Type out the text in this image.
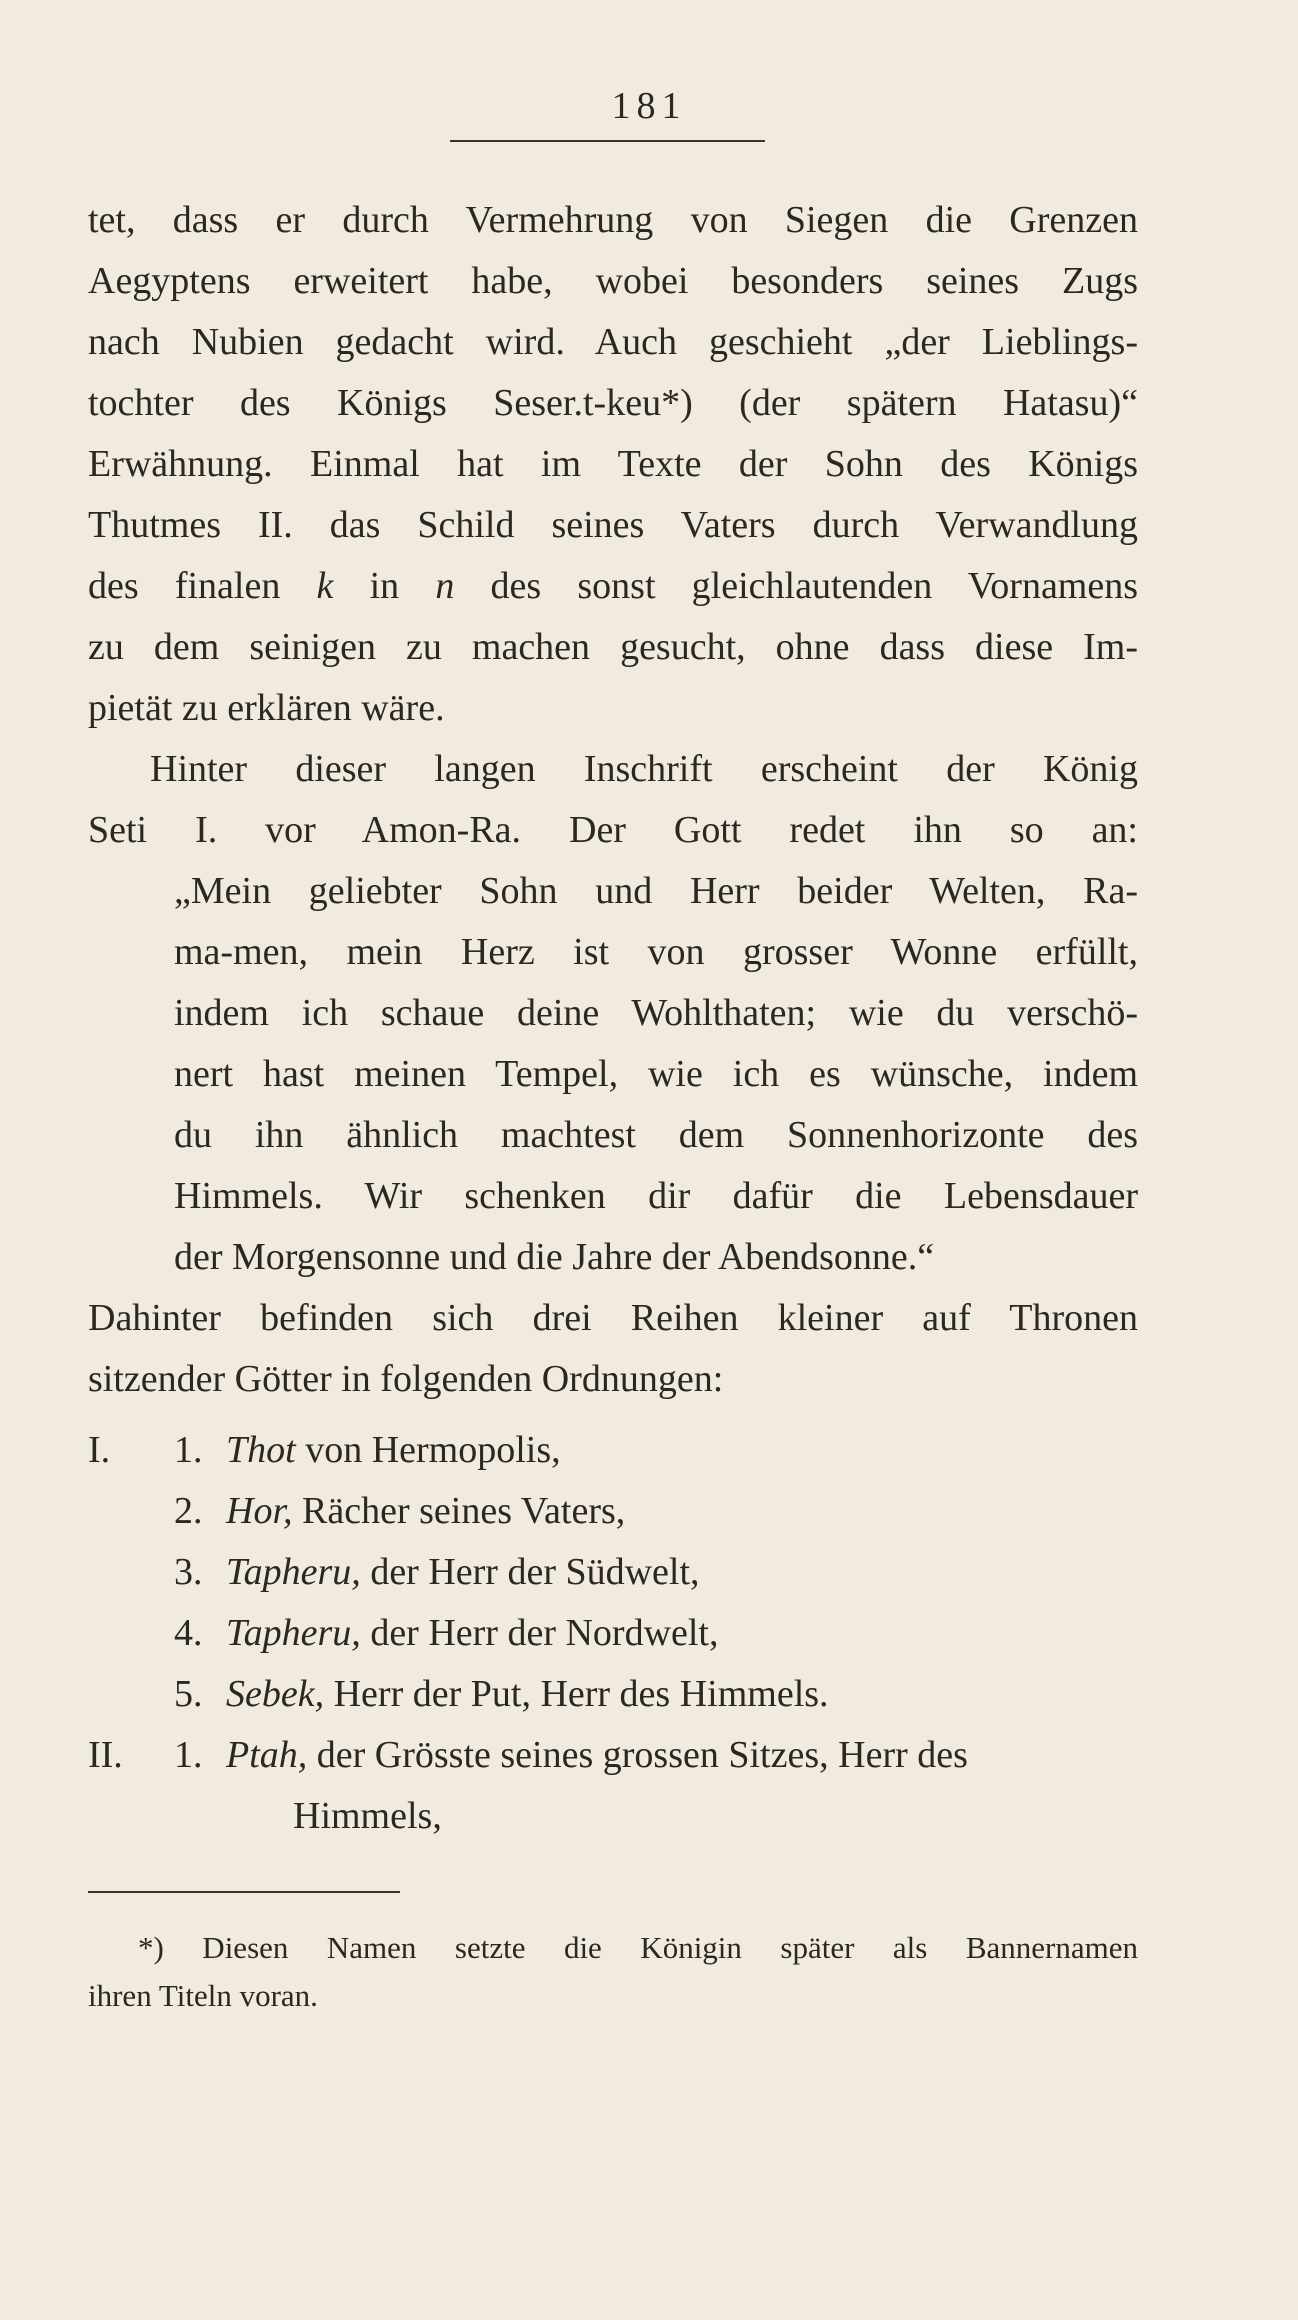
181
tet, dass er durch Vermehrung von Siegen die Grenzen
Aegyptens erweitert habe, wobei besonders seines Zugs
nach Nubien gedacht wird. Auch geschieht „der Lieblings-
tochter des Königs Seser.t-keu*) (der spätern Hatasu)“
Erwähnung. Einmal hat im Texte der Sohn des Königs
Thutmes II. das Schild seines Vaters durch Verwandlung
des finalen k in n des sonst gleichlautenden Vornamens
zu dem seinigen zu machen gesucht, ohne dass diese Im-
pietät zu erklären wäre.
Hinter dieser langen Inschrift erscheint der König
Seti I. vor Amon-Ra. Der Gott redet ihn so an:
„Mein geliebter Sohn und Herr beider Welten, Ra-
ma-men, mein Herz ist von grosser Wonne erfüllt,
indem ich schaue deine Wohlthaten; wie du verschö-
nert hast meinen Tempel, wie ich es wünsche, indem
du ihn ähnlich machtest dem Sonnenhorizonte des
Himmels. Wir schenken dir dafür die Lebensdauer
der Morgensonne und die Jahre der Abendsonne.“
Dahinter befinden sich drei Reihen kleiner auf Thronen
sitzender Götter in folgenden Ordnungen:
I.	1. Thot von Hermopolis,
2. Hor, Rächer seines Vaters,
3. Tapheru, der Herr der Südwelt,
4. Tapheru, der Herr der Nordwelt,
5. Sebek, Herr der Put, Herr des Himmels.
II.	1. Ptah, der Grösste seines grossen Sitzes, Herr des
Himmels,
*) Diesen Namen setzte die Königin später als Bannernamen
ihren Titeln voran.
